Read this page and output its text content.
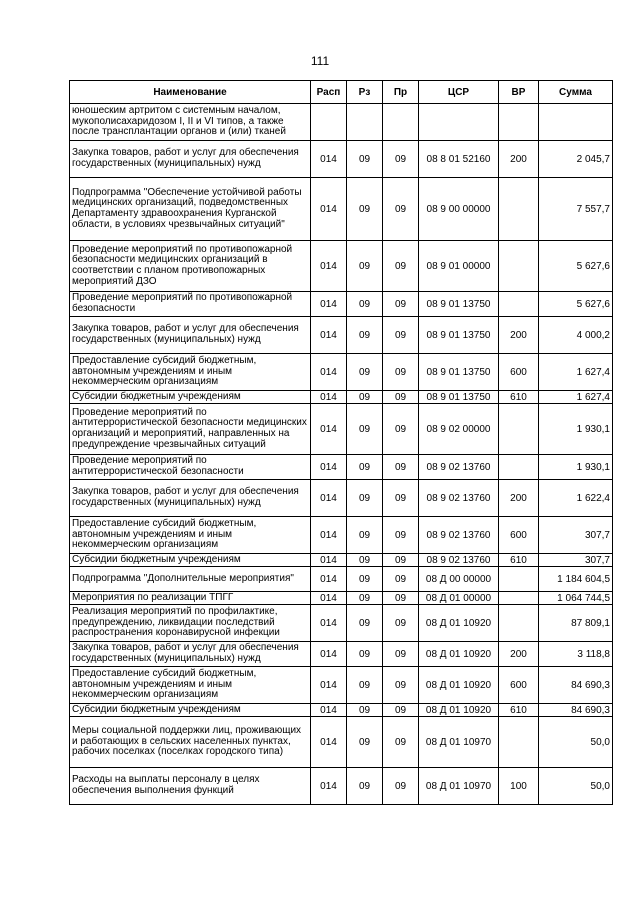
111
Наименование	Расп	Рз	Пр	ЦСР	ВР	Сумма
юношеским артритом с системным началом, мукополисахаридозом I, II и VI типов, а также после трансплантации органов и (или) тканей						
Закупка товаров, работ и услуг для обеспечения государственных (муниципальных) нужд	014	09	09	08 8 01 52160	200	2 045,7
Подпрограмма "Обеспечение устойчивой работы медицинских организаций, подведомственных Департаменту здравоохранения Курганской области, в условиях чрезвычайных ситуаций"	014	09	09	08 9 00 00000		7 557,7
Проведение мероприятий по противопожарной безопасности медицинских организаций в соответствии с планом противопожарных мероприятий ДЗО	014	09	09	08 9 01 00000		5 627,6
Проведение мероприятий по противопожарной безопасности	014	09	09	08 9 01 13750		5 627,6
Закупка товаров, работ и услуг для обеспечения государственных (муниципальных) нужд	014	09	09	08 9 01 13750	200	4 000,2
Предоставление субсидий бюджетным, автономным учреждениям и иным некоммерческим организациям	014	09	09	08 9 01 13750	600	1 627,4
Субсидии бюджетным учреждениям	014	09	09	08 9 01 13750	610	1 627,4
Проведение мероприятий по антитеррористической безопасности медицинских организаций и мероприятий, направленных на предупреждение чрезвычайных ситуаций	014	09	09	08 9 02 00000		1 930,1
Проведение мероприятий по антитеррористической безопасности	014	09	09	08 9 02 13760		1 930,1
Закупка товаров, работ и услуг для обеспечения государственных (муниципальных) нужд	014	09	09	08 9 02 13760	200	1 622,4
Предоставление субсидий бюджетным, автономным учреждениям и иным некоммерческим организациям	014	09	09	08 9 02 13760	600	307,7
Субсидии бюджетным учреждениям	014	09	09	08 9 02 13760	610	307,7
Подпрограмма "Дополнительные мероприятия"	014	09	09	08 Д 00 00000		1 184 604,5
Мероприятия по реализации ТПГГ	014	09	09	08 Д 01 00000		1 064 744,5
Реализация мероприятий по профилактике, предупреждению, ликвидации последствий распространения коронавирусной инфекции	014	09	09	08 Д 01 10920		87 809,1
Закупка товаров, работ и услуг для обеспечения государственных (муниципальных) нужд	014	09	09	08 Д 01 10920	200	3 118,8
Предоставление субсидий бюджетным, автономным учреждениям и иным некоммерческим организациям	014	09	09	08 Д 01 10920	600	84 690,3
Субсидии бюджетным учреждениям	014	09	09	08 Д 01 10920	610	84 690,3
Меры социальной поддержки лиц, проживающих и работающих в сельских населенных пунктах, рабочих поселках (поселках городского типа)	014	09	09	08 Д 01 10970		50,0
Расходы на выплаты персоналу в целях обеспечения выполнения функций	014	09	09	08 Д 01 10970	100	50,0
